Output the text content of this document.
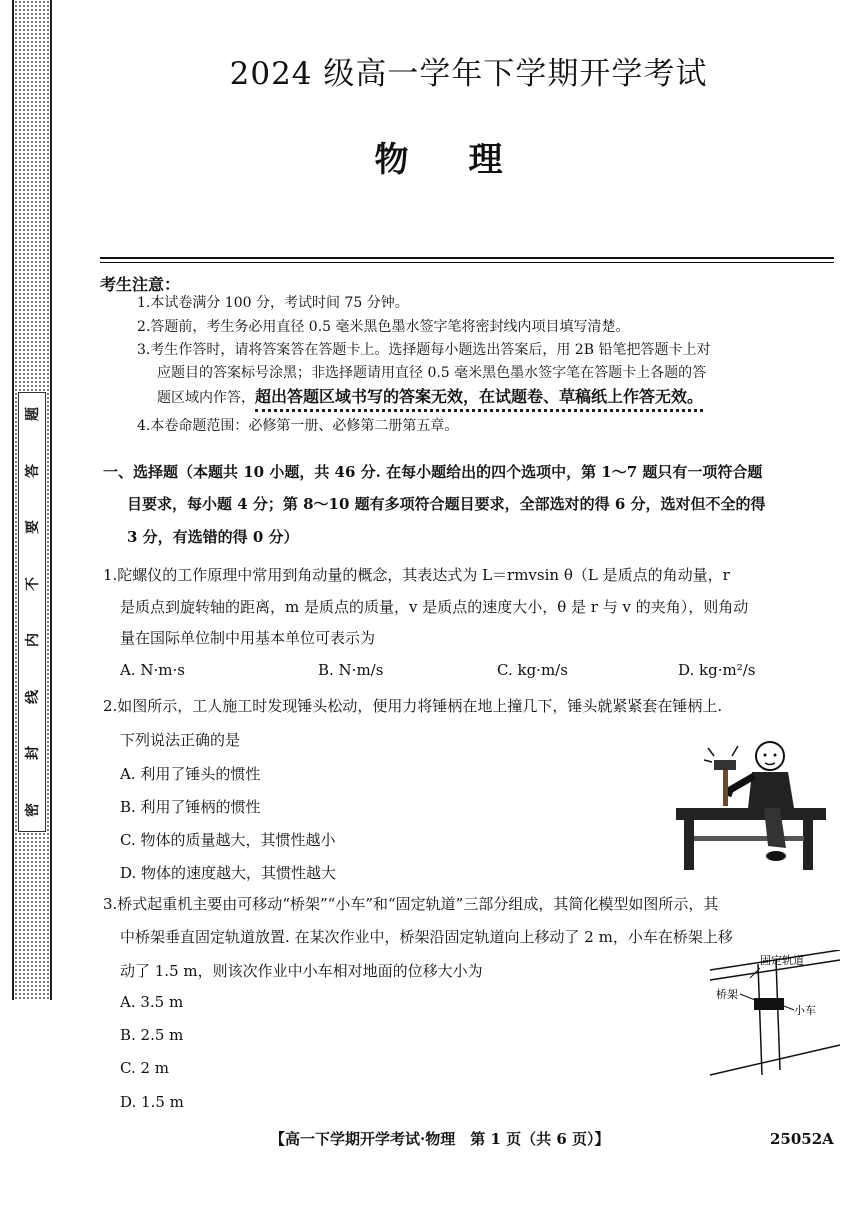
题
答
要
不
内
线
封
密
2024 级高一学年下学期开学考试
物理
考生注意：
1.本试卷满分 100 分，考试时间 75 分钟。
2.答题前，考生务必用直径 0.5 毫米黑色墨水签字笔将密封线内项目填写清楚。
3.考生作答时，请将答案答在答题卡上。选择题每小题选出答案后，用 2B 铅笔把答题卡上对
应题目的答案标号涂黑；非选择题请用直径 0.5 毫米黑色墨水签字笔在答题卡上各题的答
题区域内作答，超出答题区域书写的答案无效，在试题卷、草稿纸上作答无效。
4.本卷命题范围：必修第一册、必修第二册第五章。
一、选择题（本题共 10 小题，共 46 分. 在每小题给出的四个选项中，第 1～7 题只有一项符合题
目要求，每小题 4 分；第 8～10 题有多项符合题目要求，全部选对的得 6 分，选对但不全的得
3 分，有选错的得 0 分）
1.陀螺仪的工作原理中常用到角动量的概念，其表达式为 L＝rmvsin θ（L 是质点的角动量，r
是质点到旋转轴的距离，m 是质点的质量，v 是质点的速度大小，θ 是 r 与 v 的夹角），则角动
量在国际单位制中用基本单位可表示为
A. N·m·s	B. N·m/s	C. kg·m/s	D. kg·m²/s
2.如图所示，工人施工时发现锤头松动，便用力将锤柄在地上撞几下，锤头就紧紧套在锤柄上.
下列说法正确的是
A. 利用了锤头的惯性
B. 利用了锤柄的惯性
C. 物体的质量越大，其惯性越小
D. 物体的速度越大，其惯性越大
3.桥式起重机主要由可移动“桥架”“小车”和“固定轨道”三部分组成，其简化模型如图所示，其
中桥架垂直固定轨道放置. 在某次作业中，桥架沿固定轨道向上移动了 2 m，小车在桥架上移
动了 1.5 m，则该次作业中小车相对地面的位移大小为
A. 3.5 m
B. 2.5 m
C. 2 m
D. 1.5 m
固定轨道
桥架
小车
【高一下学期开学考试·物理　第 1 页（共 6 页）】	25052A
